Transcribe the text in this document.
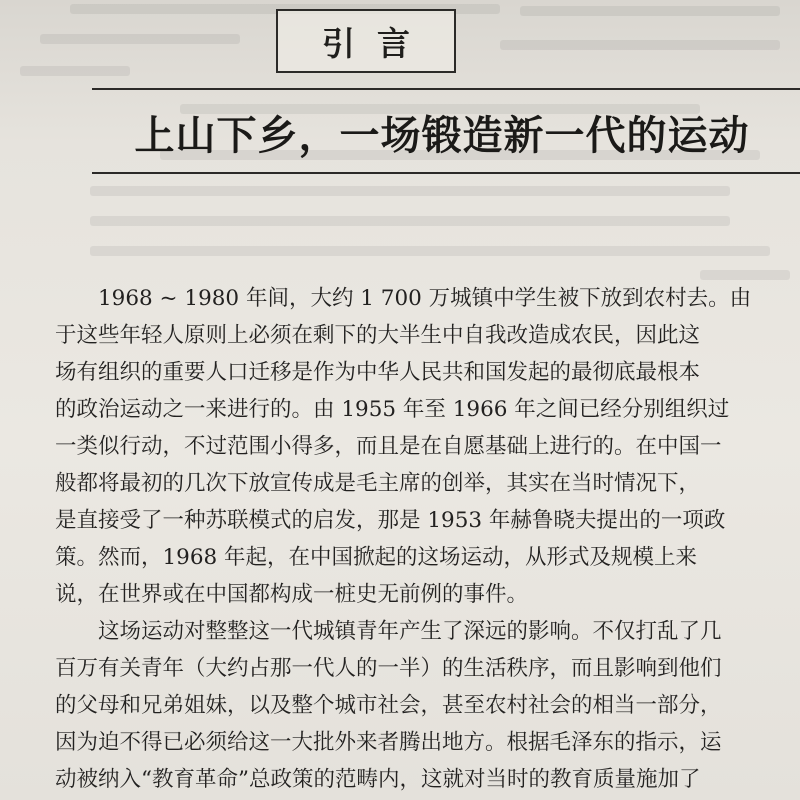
引言
上山下乡，一场锻造新一代的运动
1968 ~ 1980 年间，大约 1 700 万城镇中学生被下放到农村去。由
于这些年轻人原则上必须在剩下的大半生中自我改造成农民，因此这
场有组织的重要人口迁移是作为中华人民共和国发起的最彻底最根本
的政治运动之一来进行的。由 1955 年至 1966 年之间已经分别组织过
一类似行动，不过范围小得多，而且是在自愿基础上进行的。在中国一
般都将最初的几次下放宣传成是毛主席的创举，其实在当时情况下，
是直接受了一种苏联模式的启发，那是 1953 年赫鲁晓夫提出的一项政
策。然而，1968 年起，在中国掀起的这场运动，从形式及规模上来
说，在世界或在中国都构成一桩史无前例的事件。
这场运动对整整这一代城镇青年产生了深远的影响。不仅打乱了几
百万有关青年（大约占那一代人的一半）的生活秩序，而且影响到他们
的父母和兄弟姐妹，以及整个城市社会，甚至农村社会的相当一部分，
因为迫不得已必须给这一大批外来者腾出地方。根据毛泽东的指示，运
动被纳入“教育革命”总政策的范畴内，这就对当时的教育质量施加了
